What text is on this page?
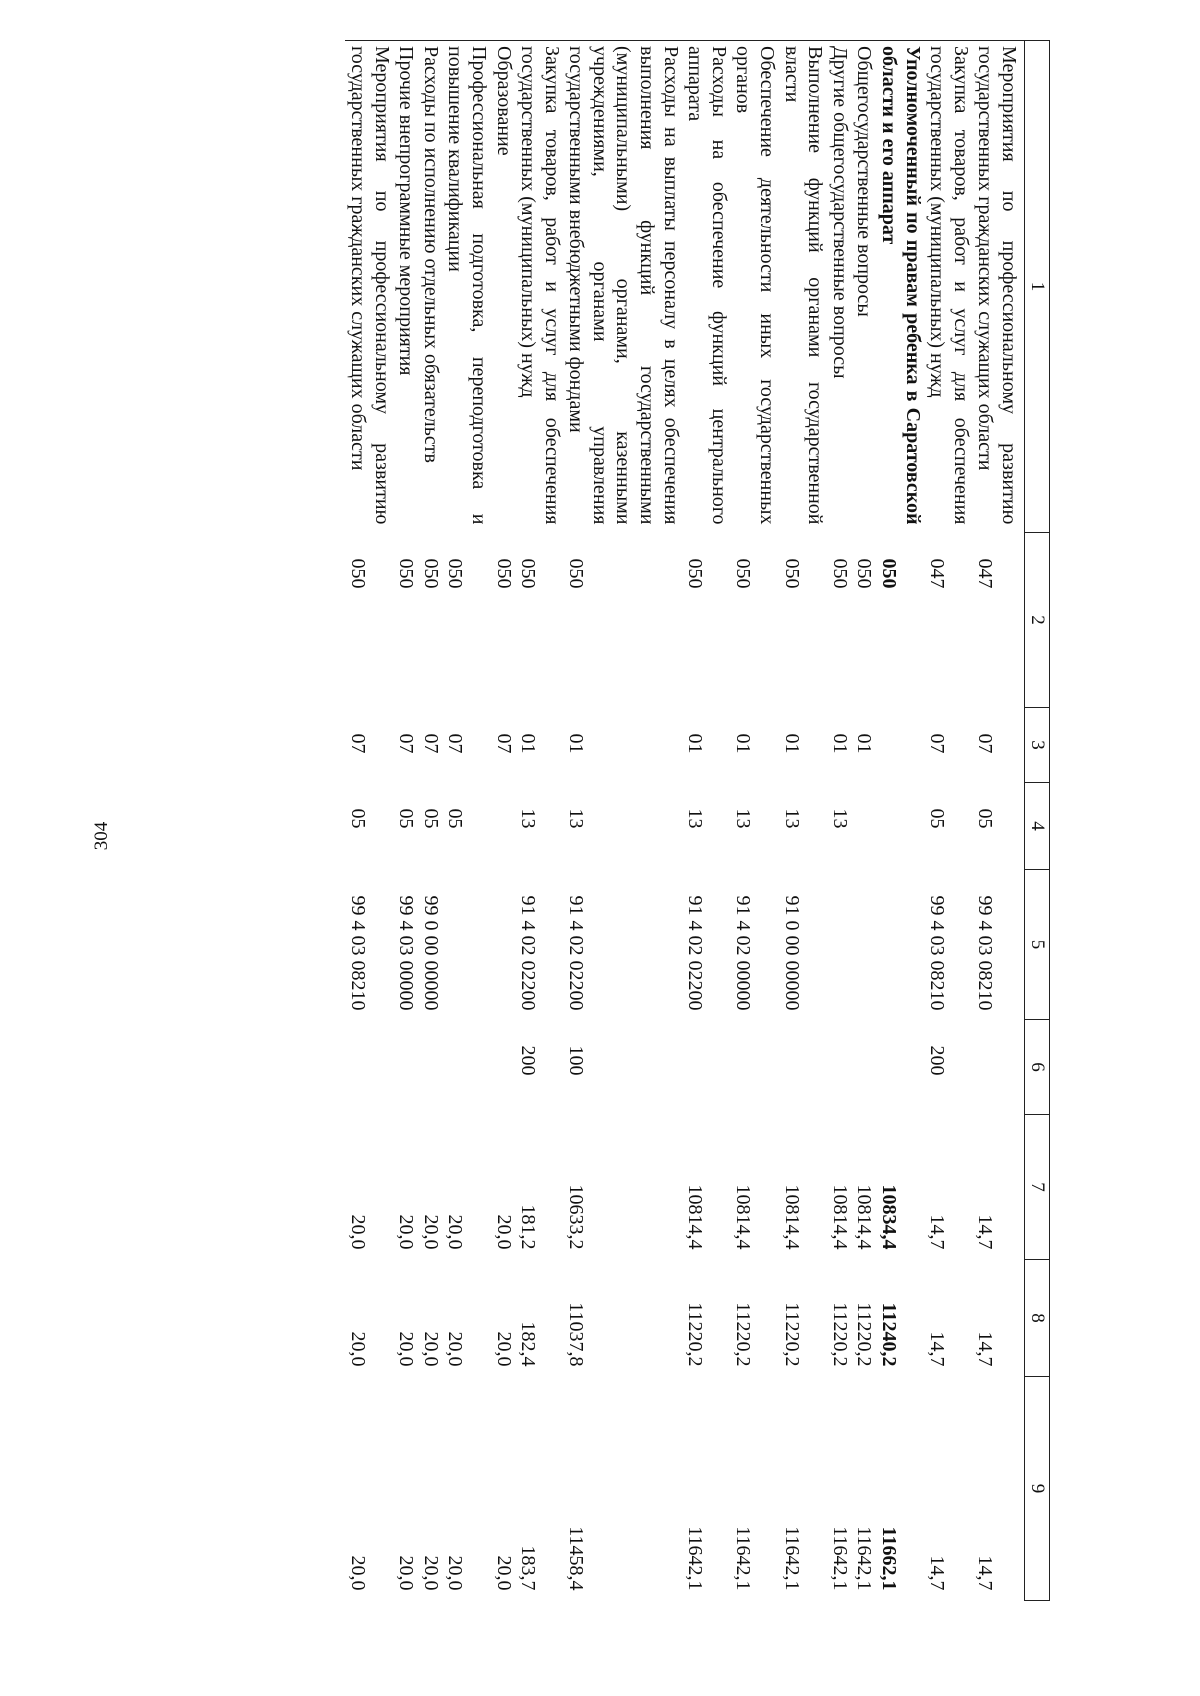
304
1	2	3	4	5	6	7	8	9
Мероприятия по профессиональному развитию государственных гражданских служащих области	047	07	05	99 4 03 08210		14,7	14,7	14,7
Закупка товаров, работ и услуг для обеспечения государственных (муниципальных) нужд	047	07	05	99 4 03 08210	200	14,7	14,7	14,7
Уполномоченный по правам ребенка в Саратовской области и его аппарат	050					10834,4	11240,2	11662,1
Общегосударственные вопросы	050	01				10814,4	11220,2	11642,1
Другие общегосударственные вопросы	050	01	13			10814,4	11220,2	11642,1
Выполнение функций органами государственной власти	050	01	13	91 0 00 00000		10814,4	11220,2	11642,1
Обеспечение деятельности иных государственных органов	050	01	13	91 4 02 00000		10814,4	11220,2	11642,1
Расходы на обеспечение функций центрального аппарата	050	01	13	91 4 02 02200		10814,4	11220,2	11642,1
Расходы на выплаты персоналу в целях обеспечения выполнения функций государственными (муниципальными) органами, казенными учреждениями, органами управления государственными внебюджетными фондами	050	01	13	91 4 02 02200	100	10633,2	11037,8	11458,4
Закупка товаров, работ и услуг для обеспечения государственных (муниципальных) нужд	050	01	13	91 4 02 02200	200	181,2	182,4	183,7
Образование	050	07				20,0	20,0	20,0
Профессиональная подготовка, переподготовка и повышение квалификации	050	07	05			20,0	20,0	20,0
Расходы по исполнению отдельных обязательств	050	07	05	99 0 00 00000		20,0	20,0	20,0
Прочие внепрограммные мероприятия	050	07	05	99 4 03 00000		20,0	20,0	20,0
Мероприятия по профессиональному развитию государственных гражданских служащих области	050	07	05	99 4 03 08210		20,0	20,0	20,0
